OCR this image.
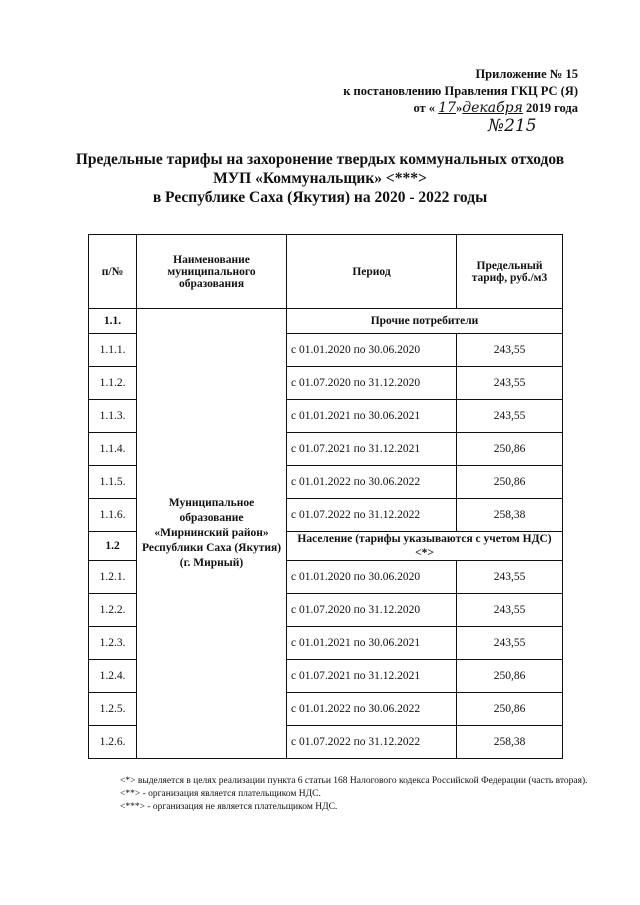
Приложение № 15
к постановлению Правления ГКЦ РС (Я)
от « 17»декабря 2019 года
№215
Предельные тарифы на захоронение твердых коммунальных отходов
МУП «Коммунальщик» <***>
в Республике Саха (Якутия) на 2020 - 2022 годы
п/№	Наименование муниципального образования	Период	Предельный тариф, руб./м3
1.1.	Муниципальное образование «Мирнинский район» Республики Саха (Якутия) (г. Мирный)	Прочие потребители	
1.1.1.		с 01.01.2020 по 30.06.2020	243,55
1.1.2.		с 01.07.2020 по 31.12.2020	243,55
1.1.3.		с 01.01.2021 по 30.06.2021	243,55
1.1.4.		с 01.07.2021 по 31.12.2021	250,86
1.1.5.		с 01.01.2022 по 30.06.2022	250,86
1.1.6.		с 01.07.2022 по 31.12.2022	258,38
1.2		Население (тарифы указываются с учетом НДС) <*>	
1.2.1.		с 01.01.2020 по 30.06.2020	243,55
1.2.2.		с 01.07.2020 по 31.12.2020	243,55
1.2.3.		с 01.01.2021 по 30.06.2021	243,55
1.2.4.		с 01.07.2021 по 31.12.2021	250,86
1.2.5.		с 01.01.2022 по 30.06.2022	250,86
1.2.6.		с 01.07.2022 по 31.12.2022	258,38
<*> выделяется в целях реализации пункта 6 статьи 168 Налогового кодекса Российской Федерации (часть вторая).
<**> - организация является плательщиком НДС.
<***> - организация не является плательщиком НДС.
